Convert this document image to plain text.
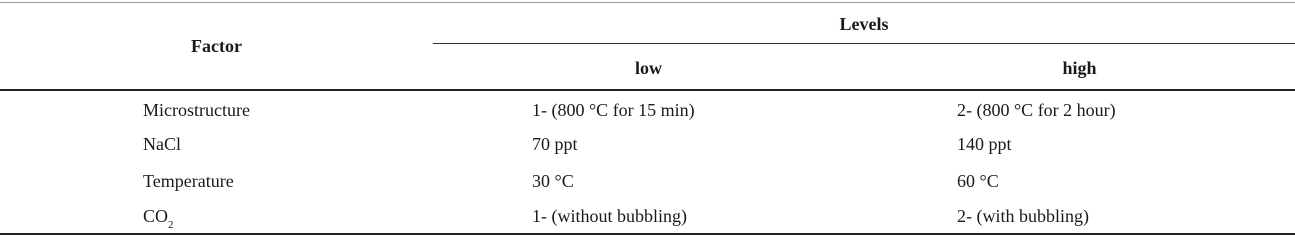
Factor
Levels
low	high
Microstructure	1- (800 °C for 15 min)	2- (800 °C for 2 hour)
NaCl	70 ppt	140 ppt
Temperature	30 °C	60 °C
$CO_2$	1- (without bubbling)	2- (with bubbling)
